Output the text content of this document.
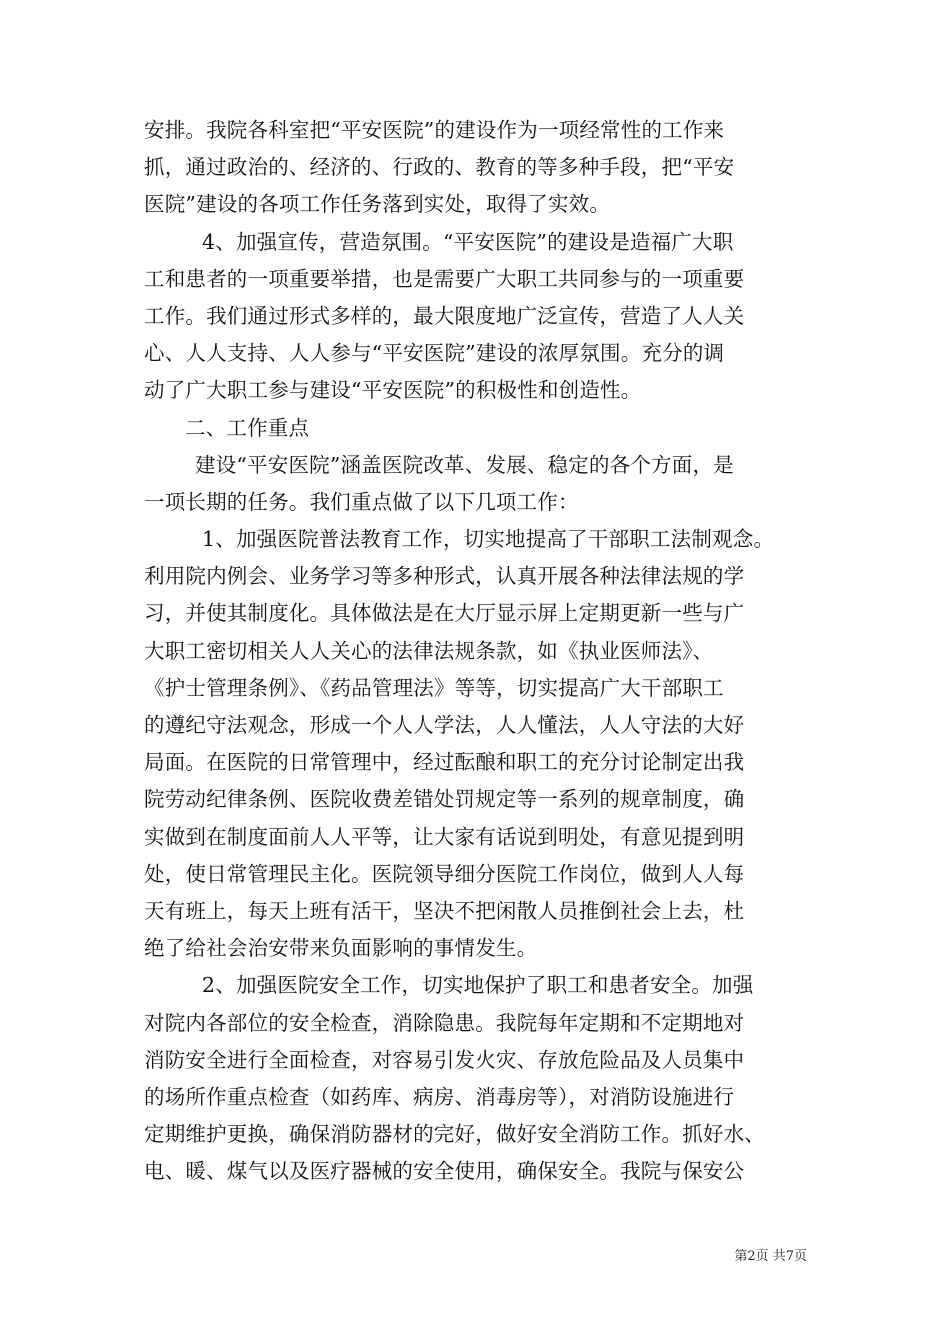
安排。我院各科室把“平安医院”的建设作为一项经常性的工作来
抓，通过政治的、经济的、行政的、教育的等多种手段，把“平安
医院”建设的各项工作任务落到实处，取得了实效。
4、加强宣传，营造氛围。“平安医院”的建设是造福广大职
工和患者的一项重要举措，也是需要广大职工共同参与的一项重要
工作。我们通过形式多样的，最大限度地广泛宣传，营造了人人关
心、人人支持、人人参与“平安医院”建设的浓厚氛围。充分的调
动了广大职工参与建设“平安医院”的积极性和创造性。
二、工作重点
建设“平安医院”涵盖医院改革、发展、稳定的各个方面，是
一项长期的任务。我们重点做了以下几项工作：
1、加强医院普法教育工作，切实地提高了干部职工法制观念。
利用院内例会、业务学习等多种形式，认真开展各种法律法规的学
习，并使其制度化。具体做法是在大厅显示屏上定期更新一些与广
大职工密切相关人人关心的法律法规条款，如《执业医师法》、
《护士管理条例》、《药品管理法》等等，切实提高广大干部职工
的遵纪守法观念，形成一个人人学法，人人懂法，人人守法的大好
局面。在医院的日常管理中，经过酝酿和职工的充分讨论制定出我
院劳动纪律条例、医院收费差错处罚规定等一系列的规章制度，确
实做到在制度面前人人平等，让大家有话说到明处，有意见提到明
处，使日常管理民主化。医院领导细分医院工作岗位，做到人人每
天有班上，每天上班有活干，坚决不把闲散人员推倒社会上去，杜
绝了给社会治安带来负面影响的事情发生。
2、加强医院安全工作，切实地保护了职工和患者安全。加强
对院内各部位的安全检查，消除隐患。我院每年定期和不定期地对
消防安全进行全面检查，对容易引发火灾、存放危险品及人员集中
的场所作重点检查（如药库、病房、消毒房等），对消防设施进行
定期维护更换，确保消防器材的完好，做好安全消防工作。抓好水、
电、暖、煤气以及医疗器械的安全使用，确保安全。我院与保安公
第2页 共7页
